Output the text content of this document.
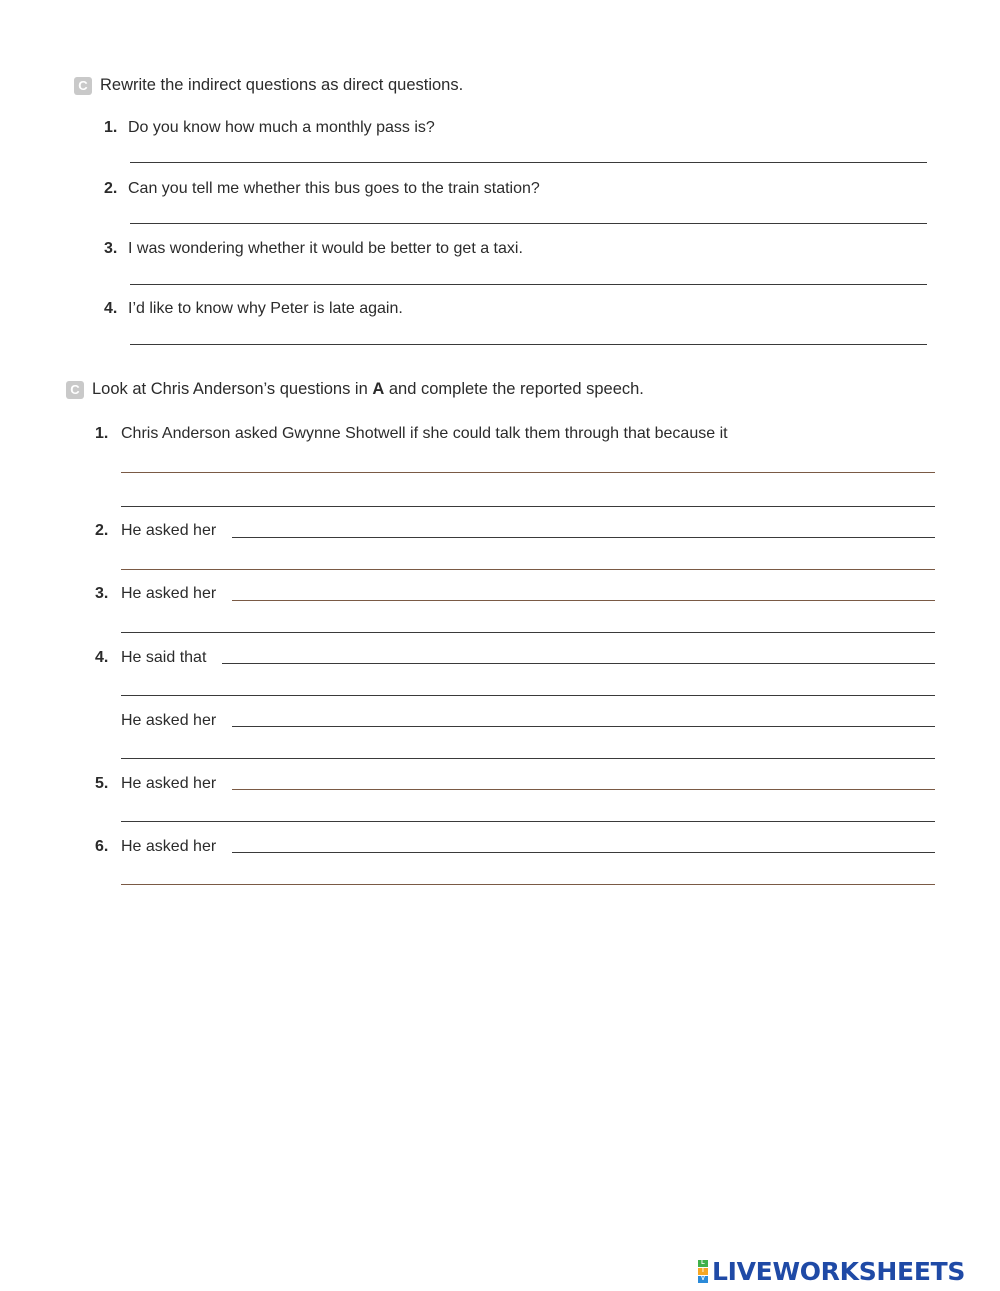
C Rewrite the indirect questions as direct questions.
1. Do you know how much a monthly pass is?
2. Can you tell me whether this bus goes to the train station?
3. I was wondering whether it would be better to get a taxi.
4. I’d like to know why Peter is late again.
C Look at Chris Anderson’s questions in A and complete the reported speech.
1. Chris Anderson asked Gwynne Shotwell if she could talk them through that because it
2. He asked her
3. He asked her
4. He said that
He asked her
5. He asked her
6. He asked her
L
I
V LIVEWORKSHEETS
